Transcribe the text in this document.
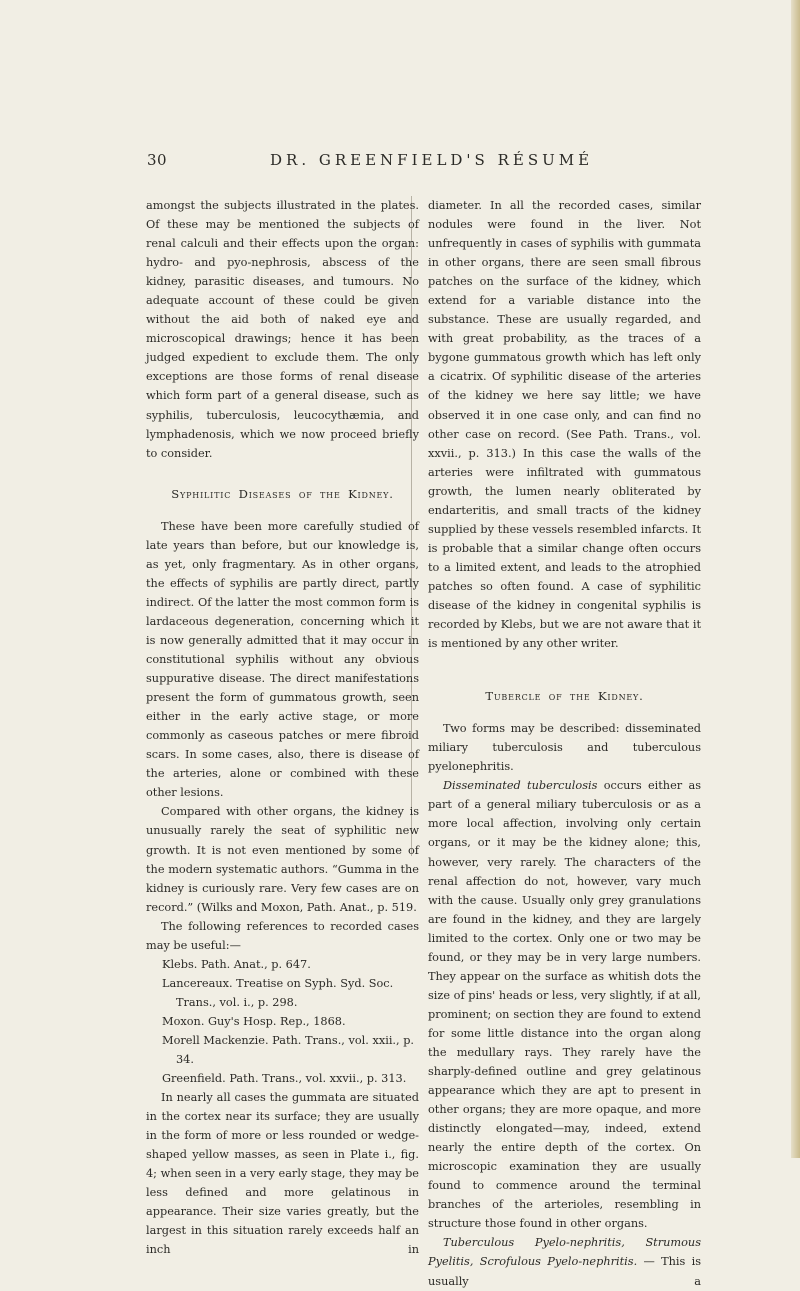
30	DR. GREENFIELD'S RÉSUMÉ

amongst the subjects illustrated in the plates. Of these may be mentioned the subjects of renal calculi and their effects upon the organ: hydro- and pyo-nephrosis, abscess of the kidney, parasitic diseases, and tumours. No adequate account of these could be given without the aid both of naked eye and microscopical drawings; hence it has been judged expedient to exclude them. The only exceptions are those forms of renal disease which form part of a general disease, such as syphilis, tuberculosis, leucocythæmia, and lymphadenosis, which we now proceed briefly to consider.

Syphilitic Diseases of the Kidney.

These have been more carefully studied of late years than before, but our knowledge is, as yet, only fragmentary. As in other organs, the effects of syphilis are partly direct, partly indirect. Of the latter the most common form is lardaceous degeneration, concerning which it is now generally admitted that it may occur in constitutional syphilis without any obvious suppurative disease. The direct manifestations present the form of gummatous growth, seen either in the early active stage, or more commonly as caseous patches or mere fibroid scars. In some cases, also, there is disease of the arteries, alone or combined with these other lesions.

Compared with other organs, the kidney is unusually rarely the seat of syphilitic new growth. It is not even mentioned by some of the modern systematic authors. “Gumma in the kidney is curiously rare. Very few cases are on record.” (Wilks and Moxon, Path. Anat., p. 519.

The following references to recorded cases may be useful:—

Klebs. Path. Anat., p. 647.
Lancereaux. Treatise on Syph. Syd. Soc. Trans., vol. i., p. 298.
Moxon. Guy's Hosp. Rep., 1868.
Morell Mackenzie. Path. Trans., vol. xxii., p. 34.
Greenfield. Path. Trans., vol. xxvii., p. 313.

In nearly all cases the gummata are situated in the cortex near its surface; they are usually in the form of more or less rounded or wedge-shaped yellow masses, as seen in Plate i., fig. 4; when seen in a very early stage, they may be less defined and more gelatinous in appearance. Their size varies greatly, but the largest in this situation rarely exceeds half an inch in

diameter. In all the recorded cases, similar nodules were found in the liver. Not unfrequently in cases of syphilis with gummata in other organs, there are seen small fibrous patches on the surface of the kidney, which extend for a variable distance into the substance. These are usually regarded, and with great probability, as the traces of a bygone gummatous growth which has left only a cicatrix. Of syphilitic disease of the arteries of the kidney we here say little; we have observed it in one case only, and can find no other case on record. (See Path. Trans., vol. xxvii., p. 313.) In this case the walls of the arteries were infiltrated with gummatous growth, the lumen nearly obliterated by endarteritis, and small tracts of the kidney supplied by these vessels resembled infarcts. It is probable that a similar change often occurs to a limited extent, and leads to the atrophied patches so often found. A case of syphilitic disease of the kidney in congenital syphilis is recorded by Klebs, but we are not aware that it is mentioned by any other writer.

Tubercle of the Kidney.

Two forms may be described: disseminated miliary tuberculosis and tuberculous pyelonephritis.

Disseminated tuberculosis occurs either as part of a general miliary tuberculosis or as a more local affection, involving only certain organs, or it may be the kidney alone; this, however, very rarely. The characters of the renal affection do not, however, vary much with the cause. Usually only grey granulations are found in the kidney, and they are largely limited to the cortex. Only one or two may be found, or they may be in very large numbers. They appear on the surface as whitish dots the size of pins' heads or less, very slightly, if at all, prominent; on section they are found to extend for some little distance into the organ along the medullary rays. They rarely have the sharply-defined outline and grey gelatinous appearance which they are apt to present in other organs; they are more opaque, and more distinctly elongated—may, indeed, extend nearly the entire depth of the cortex. On microscopic examination they are usually found to commence around the terminal branches of the arterioles, resembling in structure those found in other organs.

Tuberculous Pyelo-nephritis, Strumous Pyelitis, Scrofulous Pyelo-nephritis. — This is usually a
